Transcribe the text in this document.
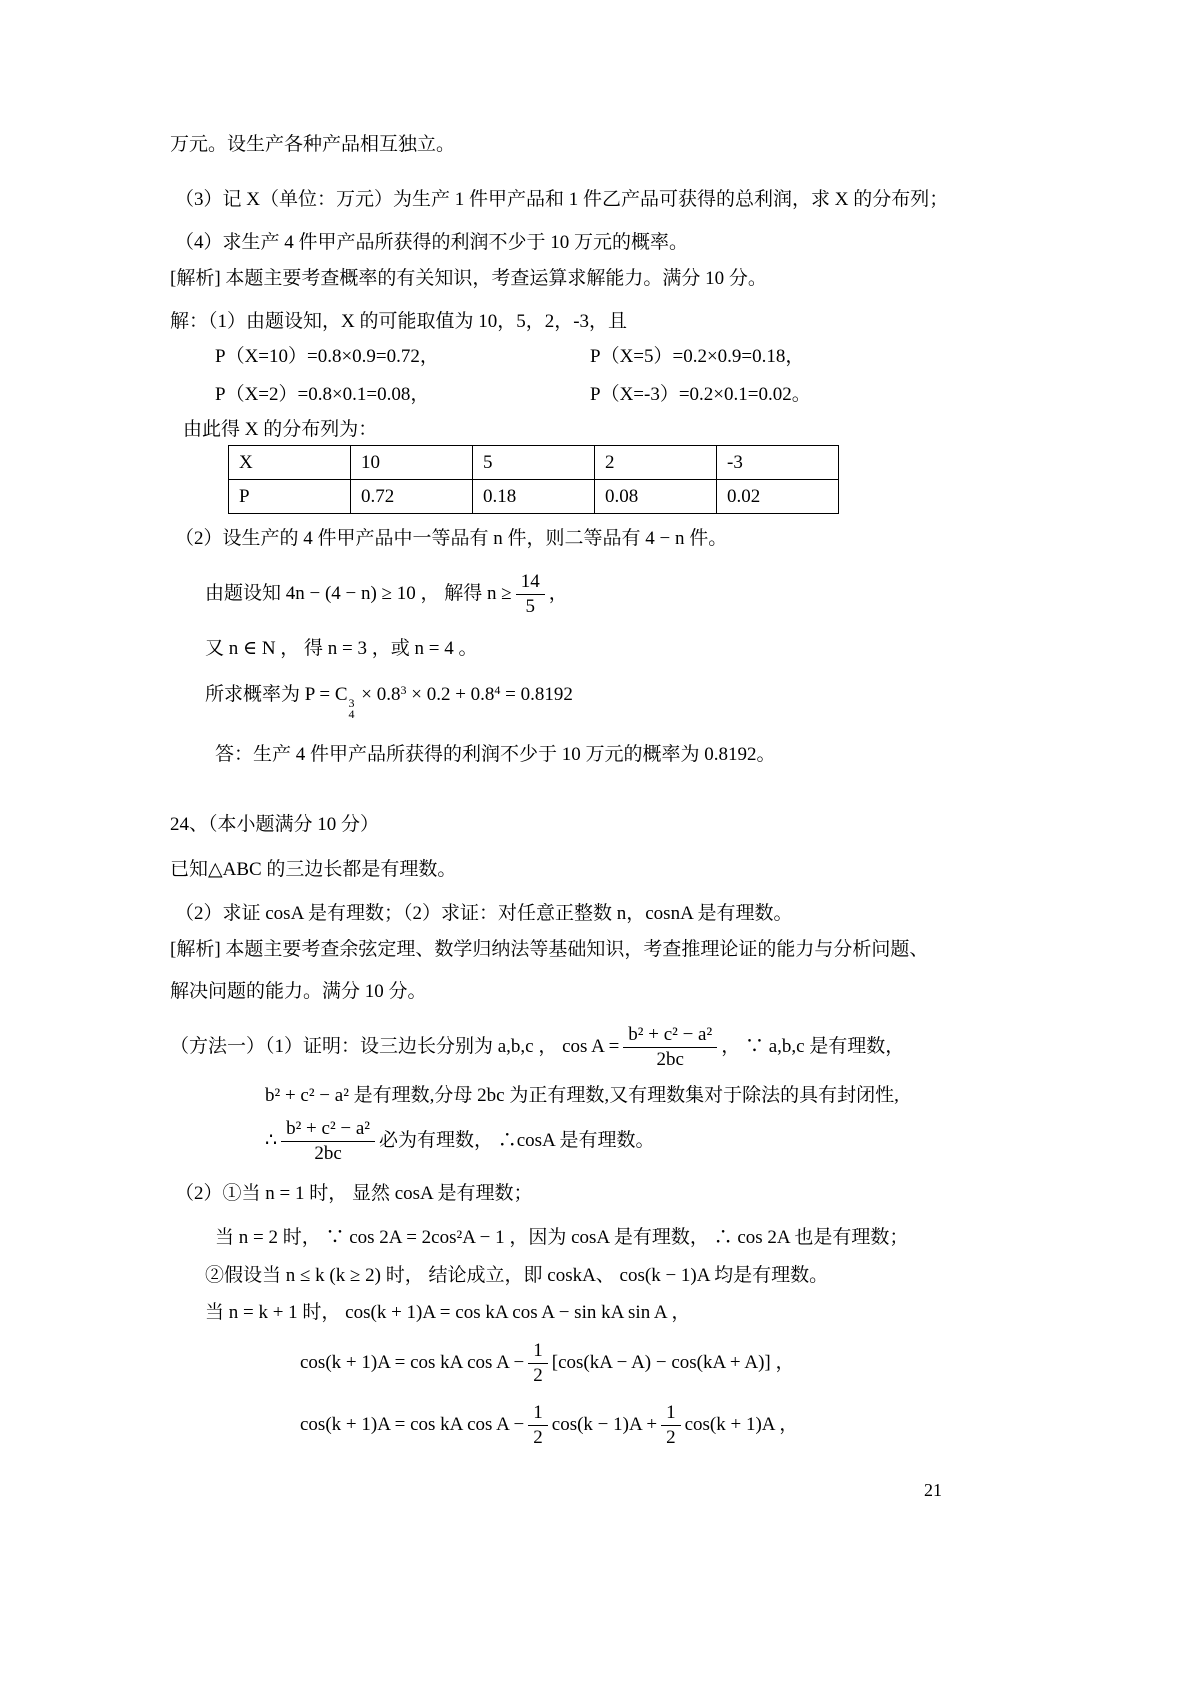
万元。设生产各种产品相互独立。

（3）记 X（单位：万元）为生产 1 件甲产品和 1 件乙产品可获得的总利润，求 X 的分布列；

（4）求生产 4 件甲产品所获得的利润不少于 10 万元的概率。

[解析] 本题主要考查概率的有关知识，考查运算求解能力。满分 10 分。

解：（1）由题设知，X 的可能取值为 10，5，2，-3，且

P（X=10）=0.8×0.9=0.72，	P（X=5）=0.2×0.9=0.18，
P（X=2）=0.8×0.1=0.08，	P（X=-3）=0.2×0.1=0.02。

由此得 X 的分布列为：

X	10	5	2	-3
P	0.72	0.18	0.08	0.02

（2）设生产的 4 件甲产品中一等品有 n 件，则二等品有 4 − n 件。

由题设知 4n − (4 − n) ≥ 10 ， 解得 $n \ge \frac{14}{5}$ ，

又 n ∈ N ， 得 n = 3 ，或 n = 4 。

所求概率为 P = C 3
4
× $0.8^3 \times 0.2 + 0.8^4 = 0.8192$

答：生产 4 件甲产品所获得的利润不少于 10 万元的概率为 0.8192。

24、（本小题满分 10 分）

已知△ABC 的三边长都是有理数。

（2）求证 cosA 是有理数；（2）求证：对任意正整数 n，cosnA 是有理数。

[解析] 本题主要考查余弦定理、数学归纳法等基础知识，考查推理论证的能力与分析问题、

解决问题的能力。满分 10 分。

（方法一）（1）证明：设三边长分别为 a,b,c ， $\cos A = \frac{\text{b² + c² − a²}}{2bc}$ ， ∵ a,b,c 是有理数，

b² + c² − a² 是有理数,分母 2bc 为正有理数,又有理数集对于除法的具有封闭性,

∴ $\frac{\text{b² + c² − a²}}{2bc}$ 必为有理数， ∴cosA 是有理数。

（2）①当 n = 1 时， 显然 cosA 是有理数；

当 n = 2 时， ∵ cos 2A = 2cos²A − 1 ，因为 cosA 是有理数， ∴ cos 2A 也是有理数；

②假设当 n ≤ k (k ≥ 2) 时， 结论成立，即 coskA、 cos(k − 1)A 均是有理数。

当 n = k + 1 时， cos(k + 1)A = cos kA cos A − sin kA sin A ，

cos(k + 1)A = cos kA $\cos A - \frac{1}{2} [\cos(kA - A) - \cos(kA + A)]$ ，
cos(k + 1)A = cos kA $\cos A - \frac{1}{2} \cos(k - 1)A + \frac{1}{2} \cos(k + 1)A$ ，
21
